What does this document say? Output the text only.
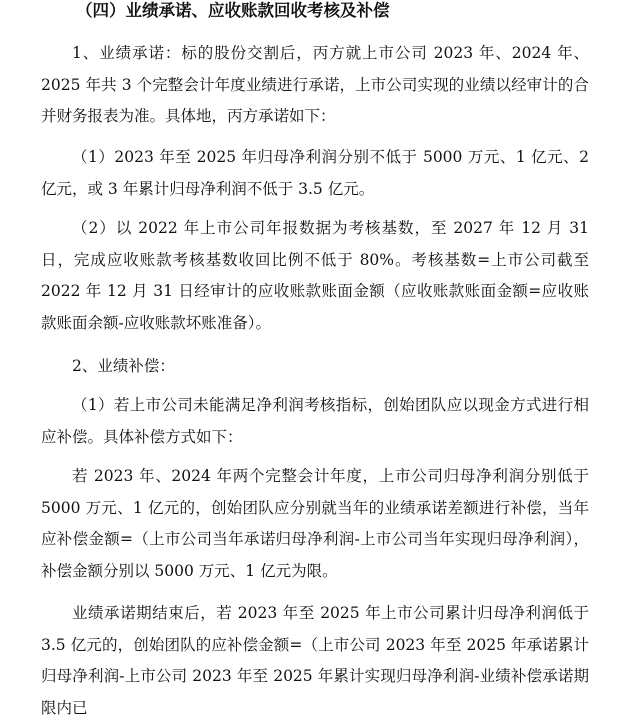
（四）业绩承诺、应收账款回收考核及补偿

1、业绩承诺：标的股份交割后，丙方就上市公司 2023 年、2024 年、2025 年共 3 个完整会计年度业绩进行承诺，上市公司实现的业绩以经审计的合并财务报表为准。具体地，丙方承诺如下：

（1）2023 年至 2025 年归母净利润分别不低于 5000 万元、1 亿元、2 亿元，或 3 年累计归母净利润不低于 3.5 亿元。

（2）以 2022 年上市公司年报数据为考核基数，至 2027 年 12 月 31 日，完成应收账款考核基数收回比例不低于 80%。考核基数=上市公司截至 2022 年 12 月 31 日经审计的应收账款账面金额（应收账款账面金额=应收账款账面余额-应收账款坏账准备）。

2、业绩补偿：

（1）若上市公司未能满足净利润考核指标，创始团队应以现金方式进行相应补偿。具体补偿方式如下：

若 2023 年、2024 年两个完整会计年度，上市公司归母净利润分别低于 5000 万元、1 亿元的，创始团队应分别就当年的业绩承诺差额进行补偿，当年应补偿金额=（上市公司当年承诺归母净利润-上市公司当年实现归母净利润），补偿金额分别以 5000 万元、1 亿元为限。

业绩承诺期结束后，若 2023 年至 2025 年上市公司累计归母净利润低于 3.5 亿元的，创始团队的应补偿金额=（上市公司 2023 年至 2025 年承诺累计归母净利润-上市公司 2023 年至 2025 年累计实现归母净利润-业绩补偿承诺期限内已
